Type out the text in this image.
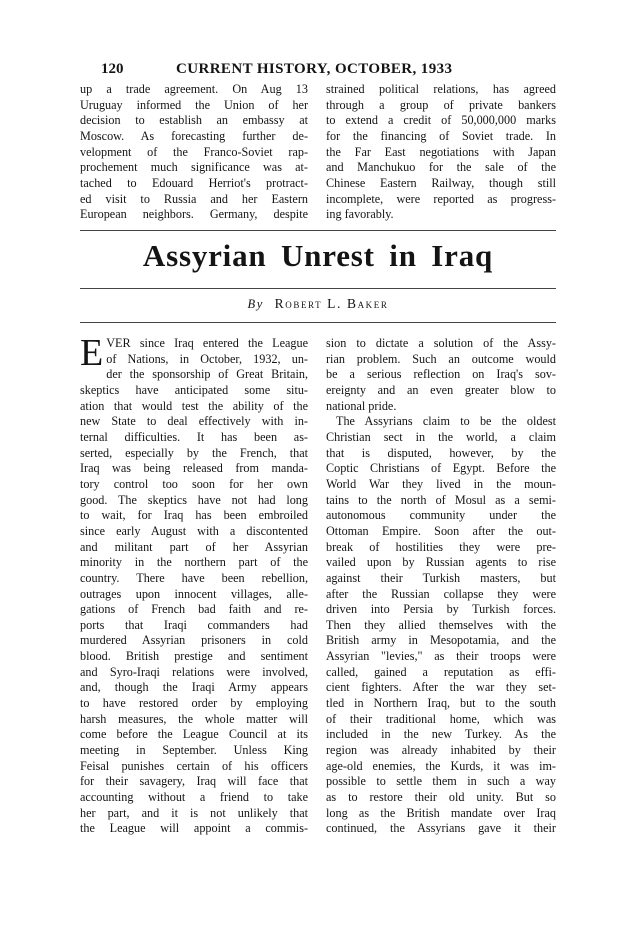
120	CURRENT HISTORY, OCTOBER, 1933

up a trade agreement. On Aug 13
Uruguay informed the Union of her
decision to establish an embassy at
Moscow. As forecasting further de-
velopment of the Franco-Soviet rap-
prochement much significance was at-
tached to Edouard Herriot's protract-
ed visit to Russia and her Eastern
European neighbors. Germany, despite

strained political relations, has agreed
through a group of private bankers
to extend a credit of 50,000,000 marks
for the financing of Soviet trade. In
the Far East negotiations with Japan
and Manchukuo for the sale of the
Chinese Eastern Railway, though still
incomplete, were reported as progress-
ing favorably.

Assyrian Unrest in Iraq
By Robert L. Baker

E VER since Iraq entered the League
of Nations, in October, 1932, un-
der the sponsorship of Great Britain,
skeptics have anticipated some situ-
ation that would test the ability of the
new State to deal effectively with in-
ternal difficulties. It has been as-
serted, especially by the French, that
Iraq was being released from manda-
tory control too soon for her own
good. The skeptics have not had long
to wait, for Iraq has been embroiled
since early August with a discontented
and militant part of her Assyrian
minority in the northern part of the
country. There have been rebellion,
outrages upon innocent villages, alle-
gations of French bad faith and re-
ports that Iraqi commanders had
murdered Assyrian prisoners in cold
blood. British prestige and sentiment
and Syro-Iraqi relations were involved,
and, though the Iraqi Army appears
to have restored order by employing
harsh measures, the whole matter will
come before the League Council at its
meeting in September. Unless King
Feisal punishes certain of his officers
for their savagery, Iraq will face that
accounting without a friend to take
her part, and it is not unlikely that
the League will appoint a commis-

sion to dictate a solution of the Assy-
rian problem. Such an outcome would
be a serious reflection on Iraq's sov-
ereignty and an even greater blow to
national pride.
The Assyrians claim to be the oldest
Christian sect in the world, a claim
that is disputed, however, by the
Coptic Christians of Egypt. Before the
World War they lived in the moun-
tains to the north of Mosul as a semi-
autonomous community under the
Ottoman Empire. Soon after the out-
break of hostilities they were pre-
vailed upon by Russian agents to rise
against their Turkish masters, but
after the Russian collapse they were
driven into Persia by Turkish forces.
Then they allied themselves with the
British army in Mesopotamia, and the
Assyrian "levies," as their troops were
called, gained a reputation as effi-
cient fighters. After the war they set-
tled in Northern Iraq, but to the south
of their traditional home, which was
included in the new Turkey. As the
region was already inhabited by their
age-old enemies, the Kurds, it was im-
possible to settle them in such a way
as to restore their old unity. But so
long as the British mandate over Iraq
continued, the Assyrians gave it their
